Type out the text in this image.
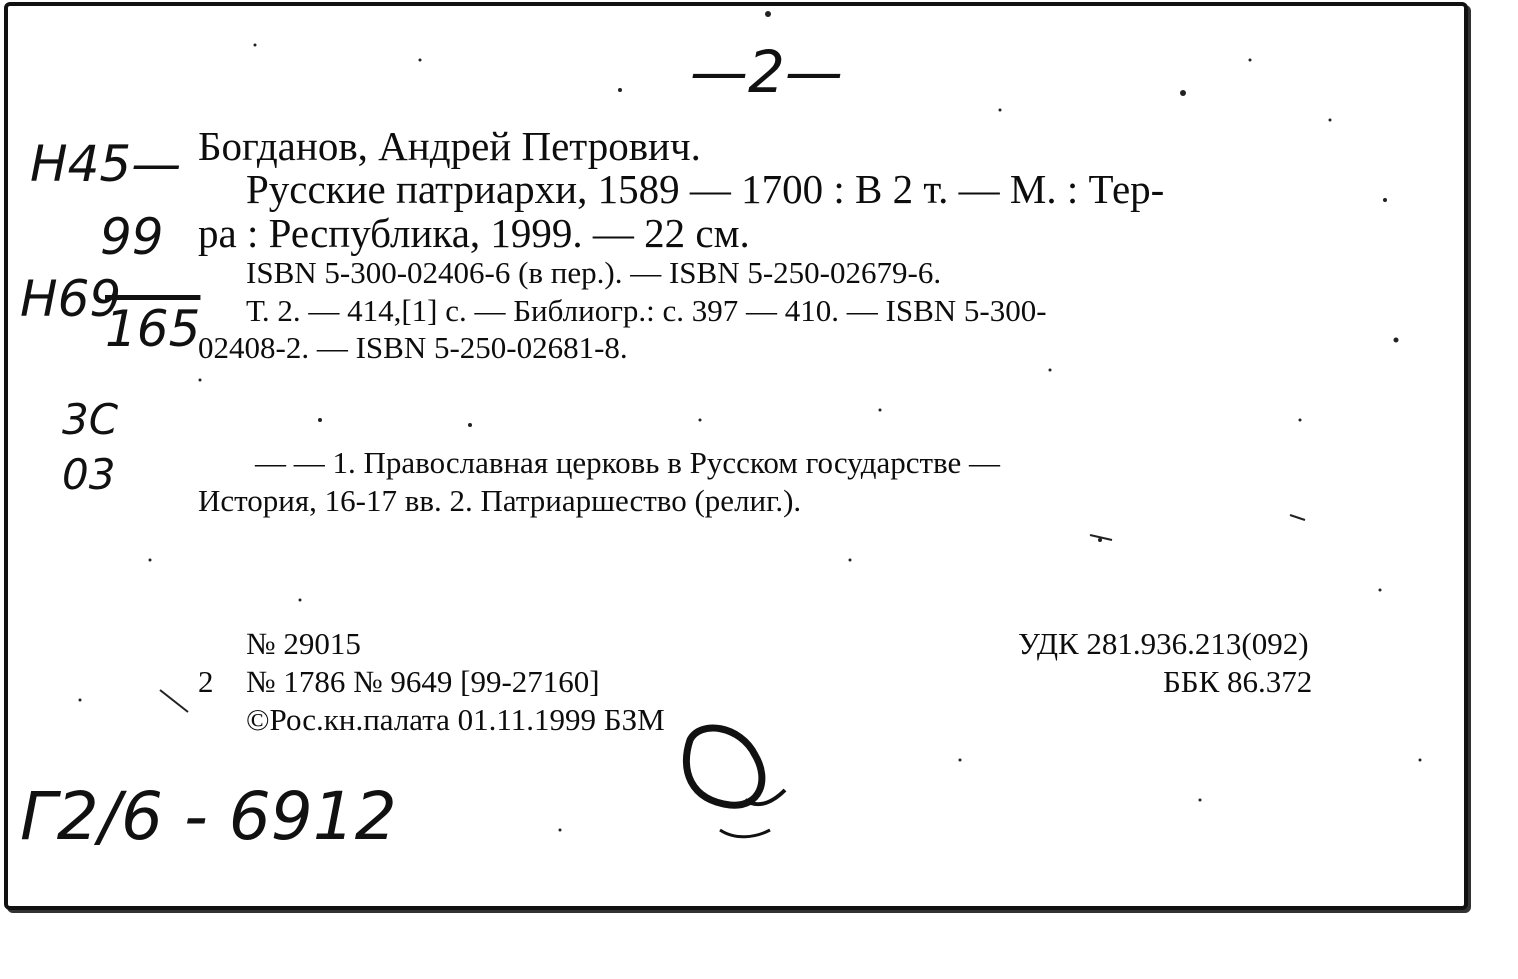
—2—
Н45—
99
Н69
165
3С
03
Богданов, Андрей Петрович.
Русские патриархи, 1589 — 1700 : В 2 т. — М. : Тер-
ра : Республика, 1999. — 22 см.
ISBN 5-300-02406-6 (в пер.). — ISBN 5-250-02679-6.
Т. 2. — 414,[1] с. — Библиогр.: с. 397 — 410. — ISBN 5-300-
02408-2. — ISBN 5-250-02681-8.
— — 1. Православная церковь в Русском государстве —
История, 16-17 вв. 2. Патриаршество (религ.).
№ 29015
2 № 1786 № 9649 [99-27160]
©Рос.кн.палата 01.11.1999 БЗМ
УДК 281.936.213(092)
ББК 86.372
Г2/6 - 6912
